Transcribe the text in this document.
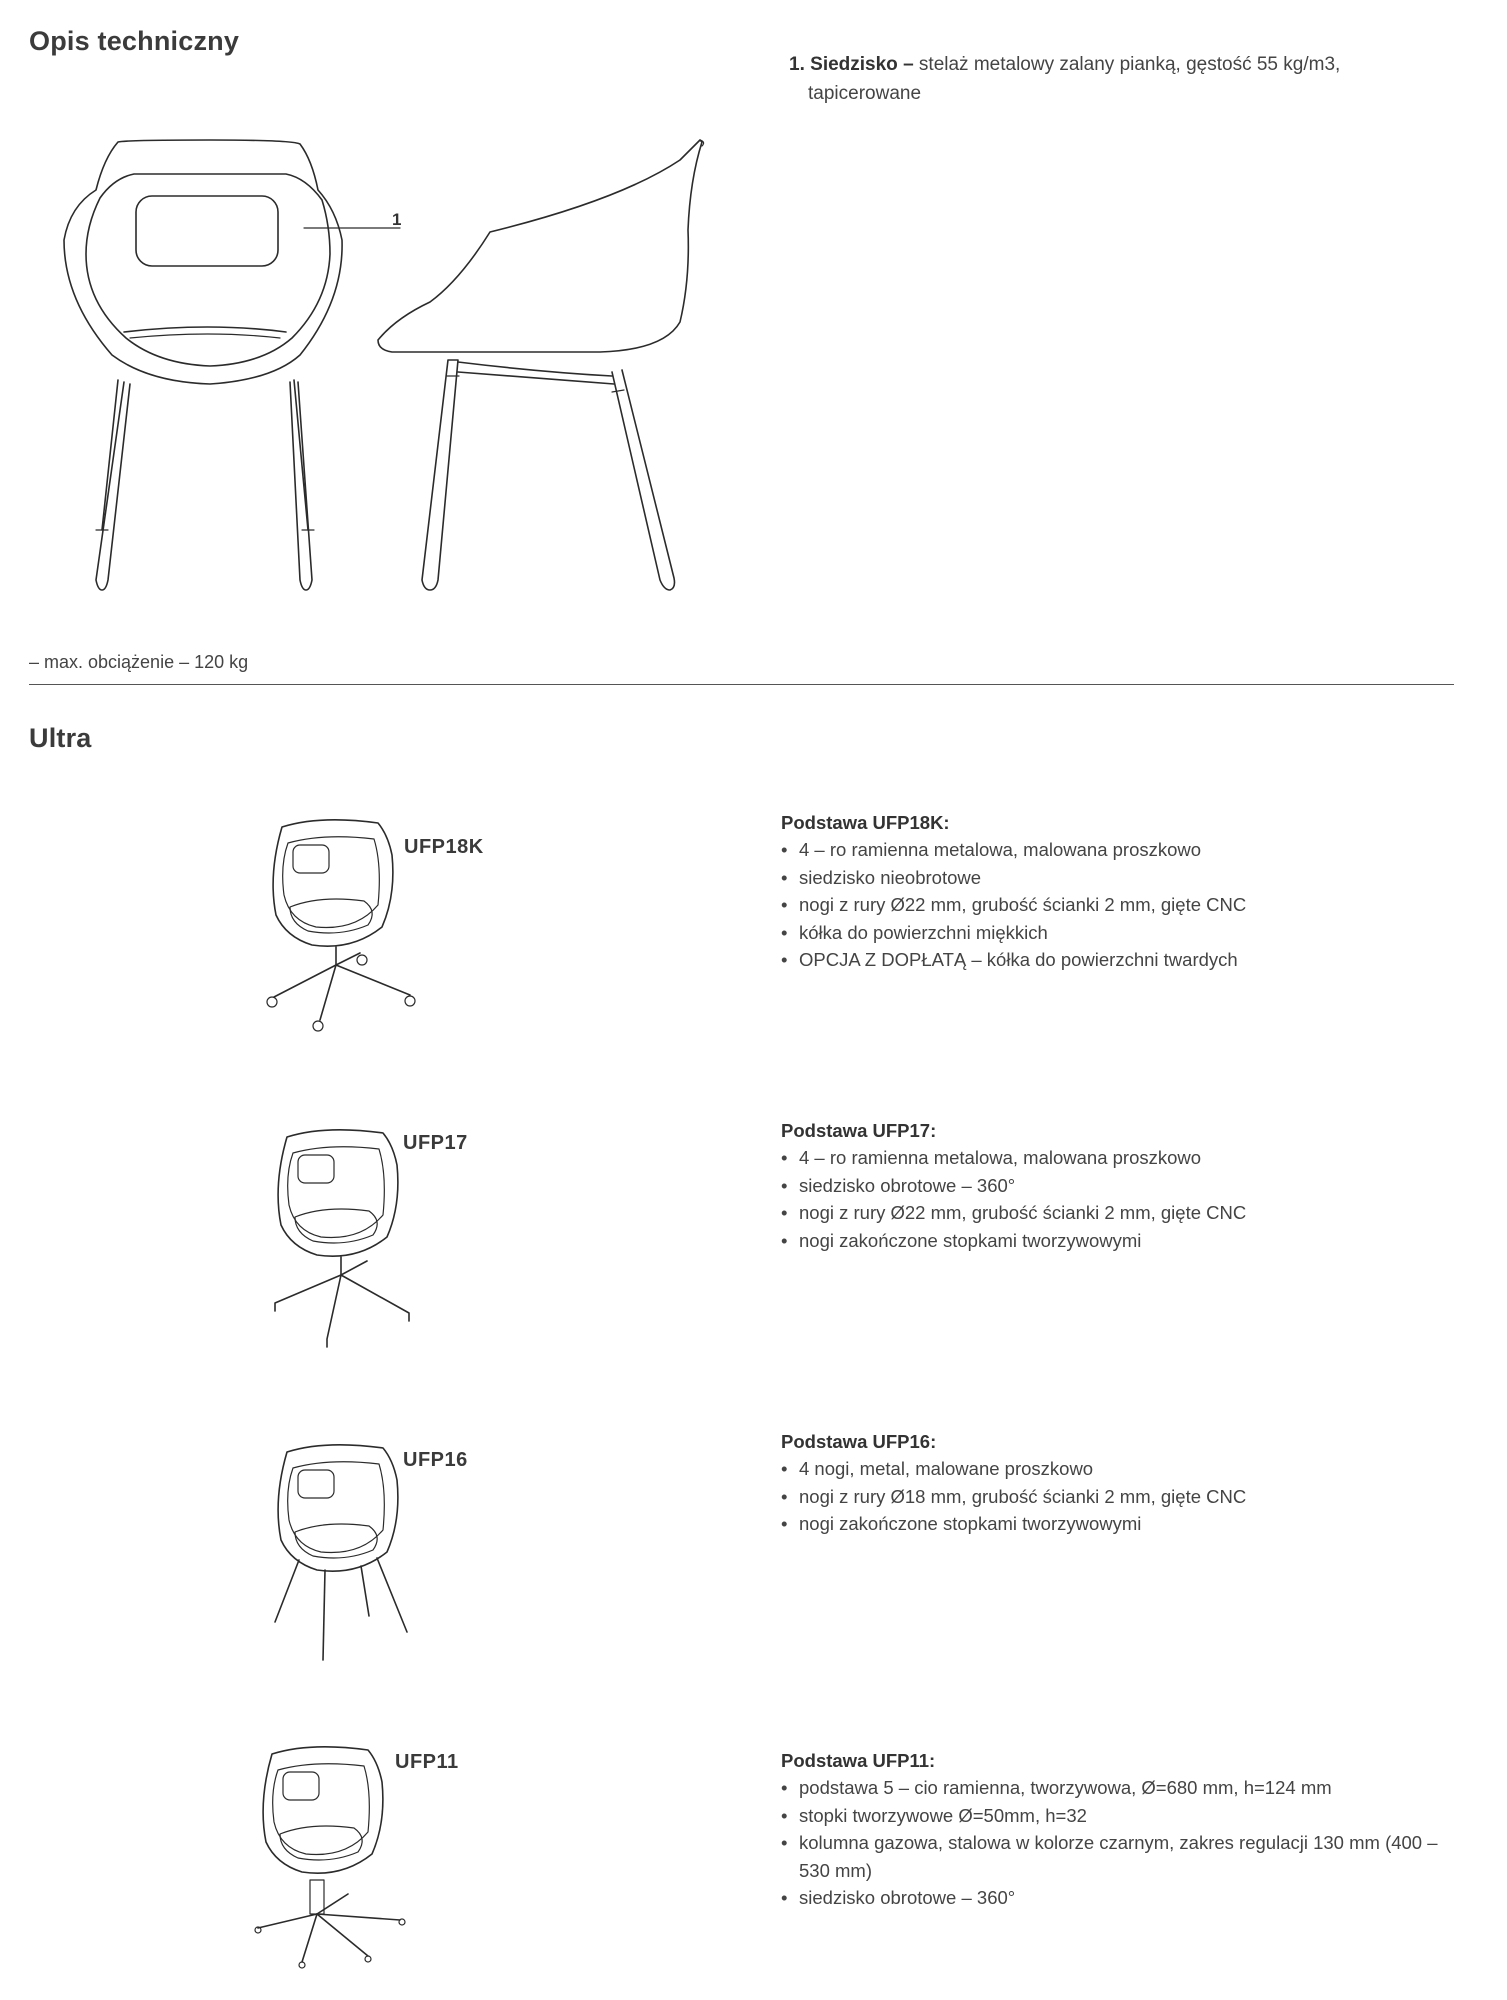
Opis techniczny
1. Siedzisko – stelaż metalowy zalany pianką, gęstość 55 kg/m3,
tapicerowane
1
– max. obciążenie – 120 kg
Ultra
UFP18K
Podstawa UFP18K:
• 4 – ro ramienna metalowa, malowana proszkowo
• siedzisko nieobrotowe
• nogi z rury Ø22 mm, grubość ścianki 2 mm, gięte CNC
• kółka do powierzchni miękkich
• OPCJA Z DOPŁATĄ – kółka do powierzchni twardych
UFP17
Podstawa UFP17:
• 4 – ro ramienna metalowa, malowana proszkowo
• siedzisko obrotowe – 360°
• nogi z rury Ø22 mm, grubość ścianki 2 mm, gięte CNC
• nogi zakończone stopkami tworzywowymi
UFP16
Podstawa UFP16:
• 4 nogi, metal, malowane proszkowo
• nogi z rury Ø18 mm, grubość ścianki 2 mm, gięte CNC
• nogi zakończone stopkami tworzywowymi
UFP11	Podstawa UFP11:
• podstawa 5 – cio ramienna, tworzywowa, Ø=680 mm, h=124 mm
• stopki tworzywowe Ø=50mm, h=32
• kolumna gazowa, stalowa w kolorze czarnym, zakres regulacji 130 mm (400 – 530 mm)
• siedzisko obrotowe – 360°
